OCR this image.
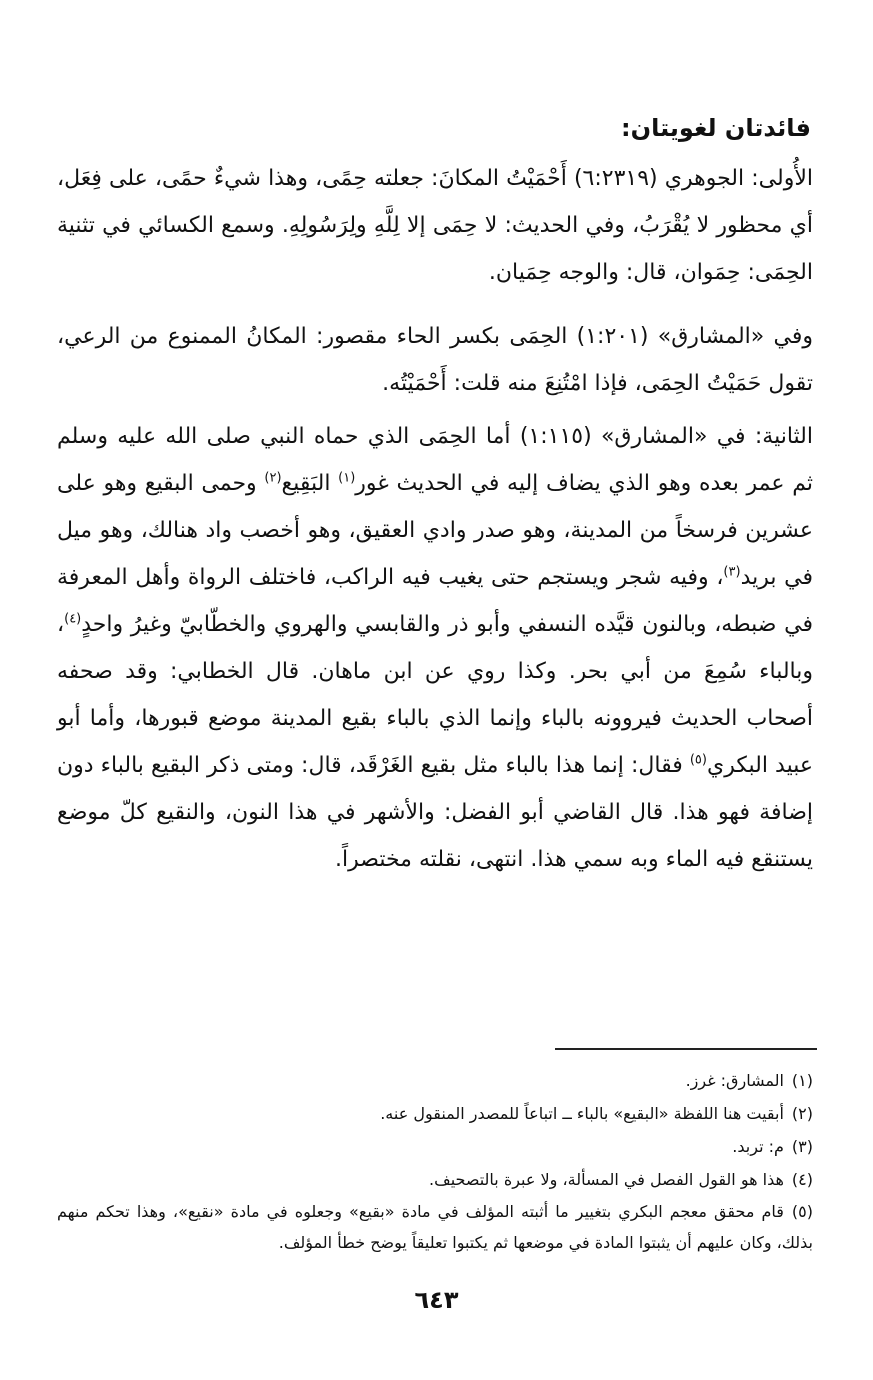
فائدتان لغويتان:

الأُولى: الجوهري (٦:٢٣١٩) أَحْمَيْتُ المكانَ: جعلته حِمًى، وهذا شيءٌ حمًى، على فِعَل، أي محظور لا يُقْرَبُ، وفي الحديث: لا حِمَى إلا لِلَّهِ ولِرَسُولِهِ. وسمع الكسائي في تثنية الحِمَى: حِمَوان، قال: والوجه حِمَيان.

وفي «المشارق» (١:٢٠١) الحِمَى بكسر الحاء مقصور: المكانُ الممنوع من الرعي، تقول حَمَيْتُ الحِمَى، فإذا امْتُنِعَ منه قلت: أَحْمَيْتُه.

الثانية: في «المشارق» (١:١١٥) أما الحِمَى الذي حماه النبي صلى الله عليه وسلم ثم عمر بعده وهو الذي يضاف إليه في الحديث غور$^{(١)}$ البَقِيع$^{(٢)}$ وحمى البقيع وهو على عشرين فرسخاً من المدينة، وهو صدر وادي العقيق، وهو أخصب واد هنالك، وهو ميل في بريد$^{(٣)}$، وفيه شجر ويستجم حتى يغيب فيه الراكب، فاختلف الرواة وأهل المعرفة في ضبطه، وبالنون قيَّده النسفي وأبو ذر والقابسي والهروي والخطّابيّ وغيرُ واحدٍ$^{(٤)}$، وبالباء سُمِعَ من أبي بحر. وكذا روي عن ابن ماهان. قال الخطابي: وقد صحفه أصحاب الحديث فيروونه بالباء وإنما الذي بالباء بقيع المدينة موضع قبورها، وأما أبو عبيد البكري$^{(٥)}$ فقال: إنما هذا بالباء مثل بقيع الغَرْقَد، قال: ومتى ذكر البقيع بالباء دون إضافة فهو هذا. قال القاضي أبو الفضل: والأشهر في هذا النون، والنقيع كلّ موضع يستنقع فيه الماء وبه سمي هذا. انتهى، نقلته مختصراً.

(١)المشارق: غرز.

(٢)أبقيت هنا اللفظة «البقيع» بالباء ــ اتباعاً للمصدر المنقول عنه.

(٣)م: تربد.

(٤)هذا هو القول الفصل في المسألة، ولا عبرة بالتصحيف.

(٥)قام محقق معجم البكري بتغيير ما أثبته المؤلف في مادة «بقيع» وجعلوه في مادة «نقيع»، وهذا تحكم منهم بذلك، وكان عليهم أن يثبتوا المادة في موضعها ثم يكتبوا تعليقاً يوضح خطأ المؤلف.

٦٤٣
